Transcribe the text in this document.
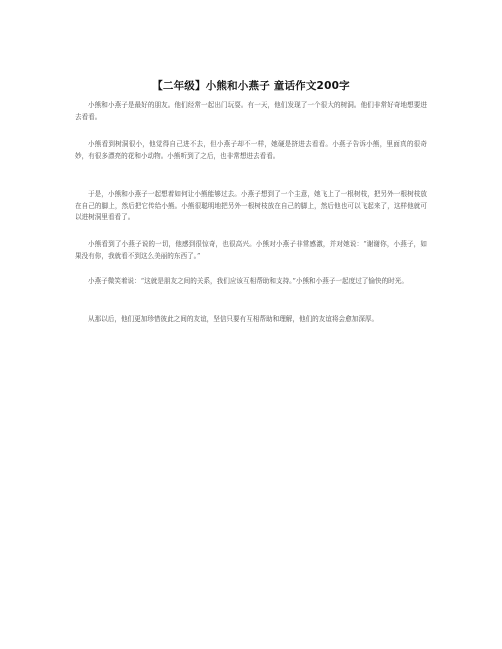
【二年级】小熊和小燕子 童话作文200字

小熊和小燕子是最好的朋友。他们经常一起出门玩耍。有一天，他们发现了一个很大的树洞。他们非常好奇地想要进去看看。

小熊看到树洞很小，他觉得自己进不去，但小燕子却不一样，她硬是挤进去看看。小燕子告诉小熊，里面真的很奇妙，有很多漂亮的花和小动物。小熊听到了之后，也非常想进去看看。

于是，小熊和小燕子一起想着如何让小熊能够过去。小燕子想到了一个主意，她飞上了一根树枝，把另外一根树枝放在自己的脚上，然后把它传给小熊。小熊很聪明地把另外一根树枝放在自己的脚上，然后他也可以飞起来了，这样他就可以进树洞里看看了。

小熊看到了小燕子说的一切，他感到很惊奇，也很高兴。小熊对小燕子非常感激，并对她说：“谢谢你，小燕子，如果没有你，我就看不到这么美丽的东西了。”

小燕子微笑着说：“这就是朋友之间的关系，我们应该互相帮助和支持。”小熊和小燕子一起度过了愉快的时光。

从那以后，他们更加珍惜彼此之间的友谊，坚信只要有互相帮助和理解，他们的友谊将会愈加深厚。
